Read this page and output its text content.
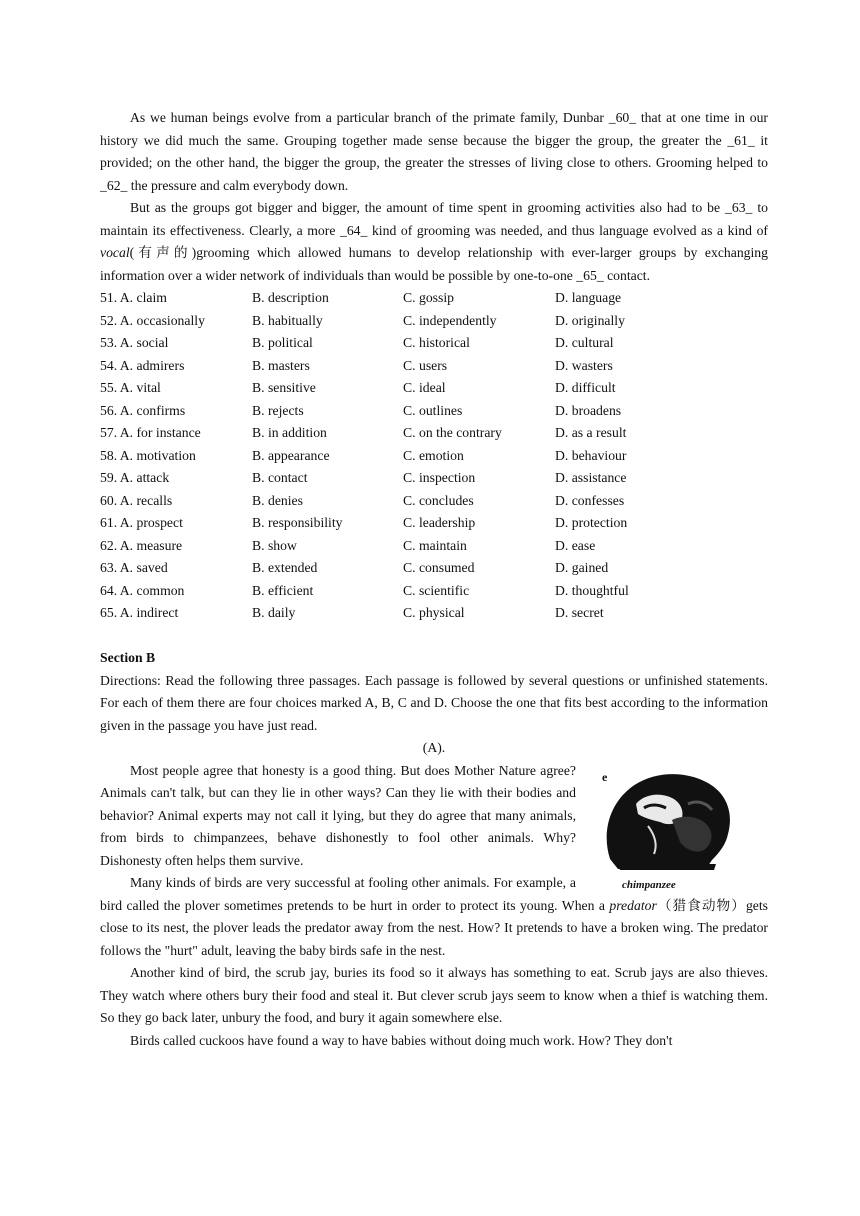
As we human beings evolve from a particular branch of the primate family, Dunbar _60_ that at one time in our history we did much the same. Grouping together made sense because the bigger the group, the greater the _61_ it provided; on the other hand, the bigger the group, the greater the stresses of living close to others. Grooming helped to _62_ the pressure and calm everybody down.

But as the groups got bigger and bigger, the amount of time spent in grooming activities also had to be _63_ to maintain its effectiveness. Clearly, a more _64_ kind of grooming was needed, and thus language evolved as a kind of vocal(有声的)grooming which allowed humans to develop relationship with ever-larger groups by exchanging information over a wider network of individuals than would be possible by one-to-one _65_ contact.

51. A. claim	B. description	C. gossip	D. language
52. A. occasionally	B. habitually	C. independently	D. originally
53. A. social	B. political	C. historical	D. cultural
54. A. admirers	B. masters	C. users	D. wasters
55. A. vital	B. sensitive	C. ideal	D. difficult
56. A. confirms	B. rejects	C. outlines	D. broadens
57. A. for instance	B. in addition	C. on the contrary	D. as a result
58. A. motivation	B. appearance	C. emotion	D. behaviour
59. A. attack	B. contact	C. inspection	D. assistance
60. A. recalls	B. denies	C. concludes	D. confesses
61. A. prospect	B. responsibility	C. leadership	D. protection
62. A. measure	B. show	C. maintain	D. ease
63. A. saved	B. extended	C. consumed	D. gained
64. A. common	B. efficient	C. scientific	D. thoughtful
65. A. indirect	B. daily	C. physical	D. secret

Section B

Directions: Read the following three passages. Each passage is followed by several questions or unfinished statements. For each of them there are four choices marked A, B, C and D. Choose the one that fits best according to the information given in the passage you have just read.

(A).

e
chimpanzee

Most people agree that honesty is a good thing. But does Mother Nature agree? Animals can't talk, but can they lie in other ways? Can they lie with their bodies and behavior? Animal experts may not call it lying, but they do agree that many animals, from birds to chimpanzees, behave dishonestly to fool other animals. Why? Dishonesty often helps them survive.

Many kinds of birds are very successful at fooling other animals. For example, a bird called the plover sometimes pretends to be hurt in order to protect its young. When a predator（猎食动物）gets close to its nest, the plover leads the predator away from the nest. How? It pretends to have a broken wing. The predator follows the "hurt" adult, leaving the baby birds safe in the nest.

Another kind of bird, the scrub jay, buries its food so it always has something to eat. Scrub jays are also thieves. They watch where others bury their food and steal it. But clever scrub jays seem to know when a thief is watching them. So they go back later, unbury the food, and bury it again somewhere else.

Birds called cuckoos have found a way to have babies without doing much work. How? They don't
